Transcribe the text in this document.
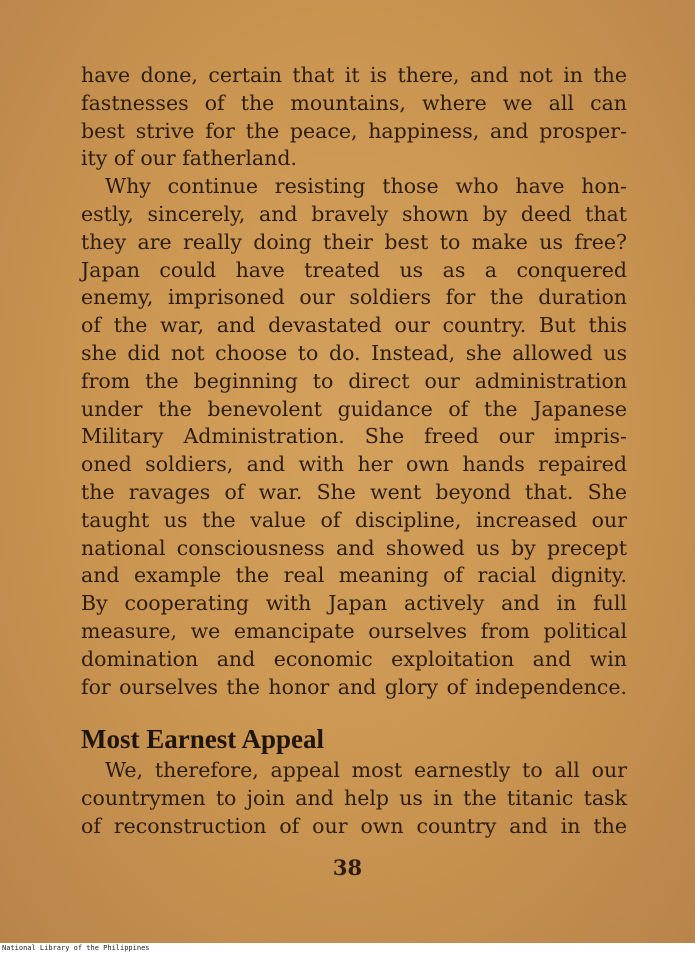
have done, certain that it is there, and not in the
fastnesses of the mountains, where we all can
best strive for the peace, happiness, and prosper-
ity of our fatherland.
Why continue resisting those who have hon-
estly, sincerely, and bravely shown by deed that
they are really doing their best to make us free?
Japan could have treated us as a conquered
enemy, imprisoned our soldiers for the duration
of the war, and devastated our country. But this
she did not choose to do. Instead, she allowed us
from the beginning to direct our administration
under the benevolent guidance of the Japanese
Military Administration. She freed our impris-
oned soldiers, and with her own hands repaired
the ravages of war. She went beyond that. She
taught us the value of discipline, increased our
national consciousness and showed us by precept
and example the real meaning of racial dignity.
By cooperating with Japan actively and in full
measure, we emancipate ourselves from political
domination and economic exploitation and win
for ourselves the honor and glory of independence.
Most Earnest Appeal
We, therefore, appeal most earnestly to all our
countrymen to join and help us in the titanic task
of reconstruction of our own country and in the
38
National Library of the Philippines
